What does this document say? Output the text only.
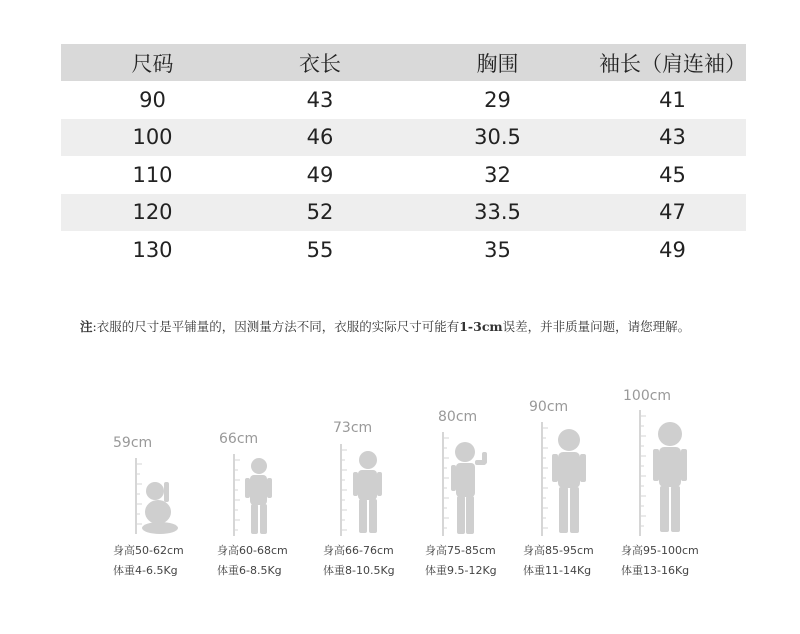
尺码	衣长	胸围	袖长（肩连袖）
90	43	29	41
100	46	30.5	43
110	49	32	45
120	52	33.5	47
130	55	35	49
注:衣服的尺寸是平铺量的，因测量方法不同，衣服的实际尺寸可能有1-3cm误差，并非质量问题，请您理解。
59cm
身高50-62cm
体重4-6.5Kg
66cm
身高60-68cm
体重6-8.5Kg
73cm
身高66-76cm
体重8-10.5Kg
80cm
身高75-85cm
体重9.5-12Kg
90cm
身高85-95cm
体重11-14Kg
100cm
身高95-100cm
体重13-16Kg
